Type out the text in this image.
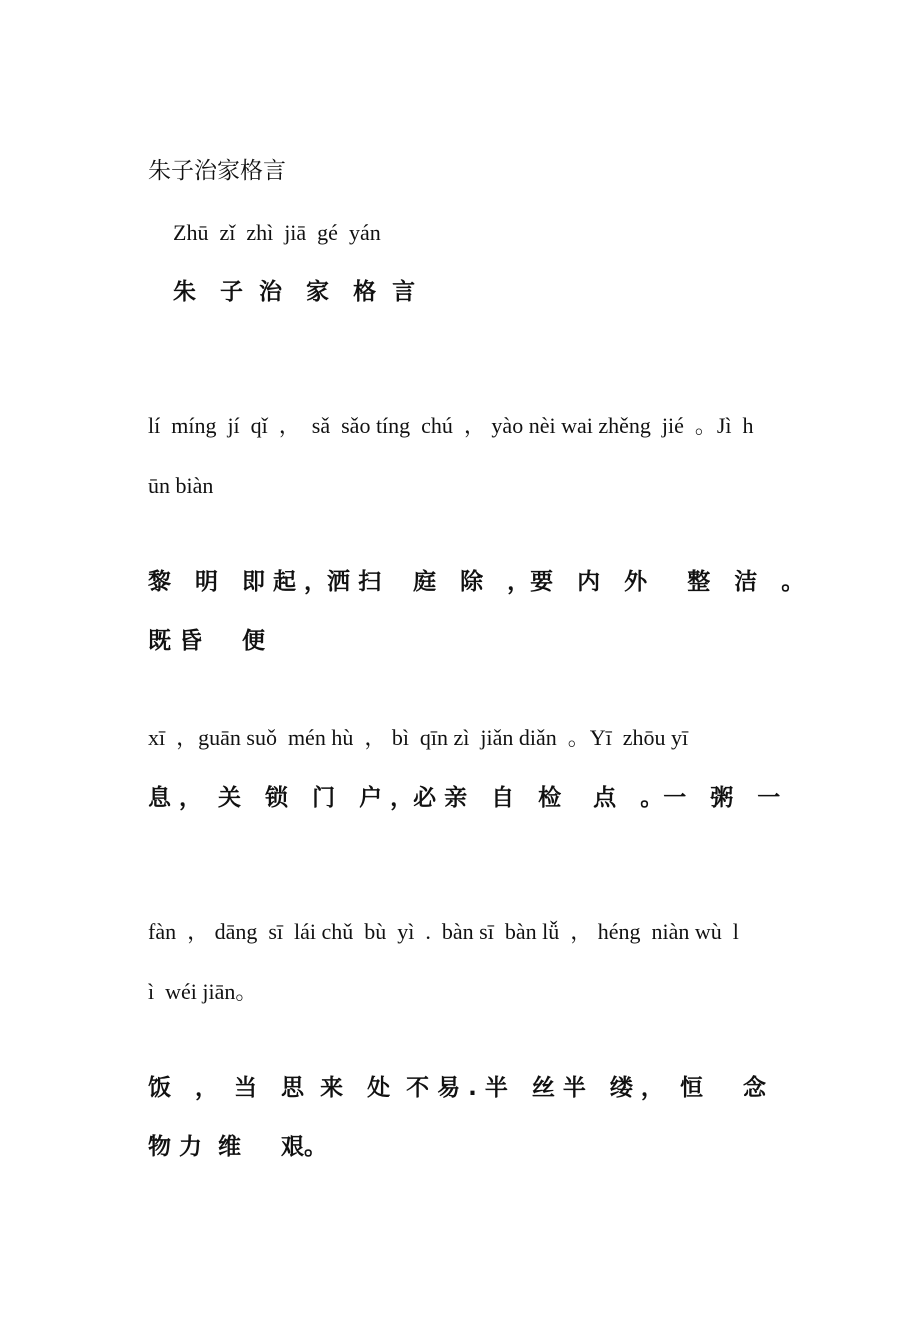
朱子治家格言
Zhū  zǐ  zhì  jiā  gé  yán
朱   子  治   家   格  言
lí  míng  jí  qǐ  ，  sǎ  sǎo tíng  chú  ， yào nèi wai zhěng  jié  。Jì  h
ūn biàn
黎   明   即 起 ，洒 扫    庭   除   ，要   内   外     整   洁   。
既 昏     便
xī  ，guān suǒ  mén hù  ， bì  qīn zì  jiǎn diǎn  。Yī  zhōu yī
息 ，  关   锁   门   户 ，必 亲   自   检    点   。一   粥   一
fàn  ， dāng  sī  lái chǔ  bù  yì  .  bàn sī  bàn lǚ  ， héng  niàn wù  l
ì  wéi jiān。
饭   ，  当   思  来   处  不 易 . 半   丝 半   缕 ，  恒     念
物 力  维     艰。
